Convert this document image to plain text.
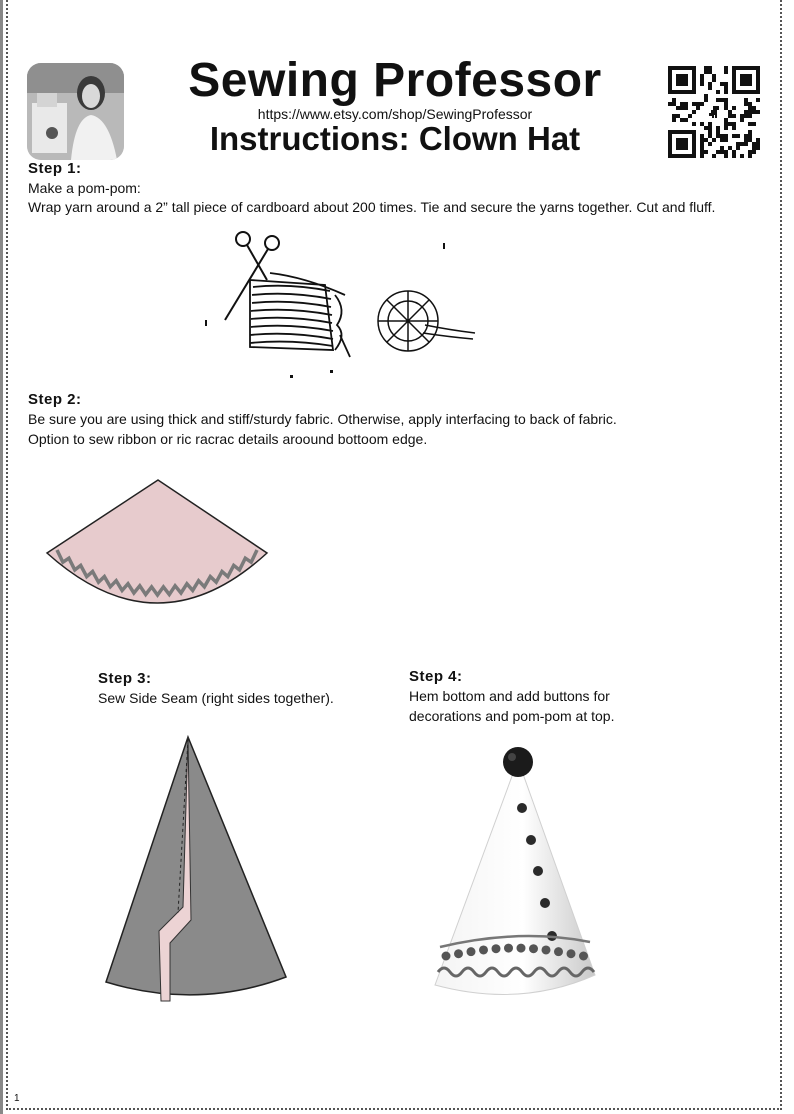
Sewing Professor
https://www.etsy.com/shop/SewingProfessor
Instructions: Clown Hat
Step 1:
Make a pom-pom:
Wrap yarn around a 2” tall piece of cardboard about 200 times. Tie and secure the yarns together. Cut and fluff.
Step 2:
Be sure you are using thick and stiff/sturdy fabric. Otherwise, apply interfacing to back of fabric.
Option to sew ribbon or ric racrac details aroound bottoom edge.
Step 3:
Sew Side Seam (right sides together).
Step 4:
Hem bottom and add buttons for
decorations and pom-pom at top.
1
